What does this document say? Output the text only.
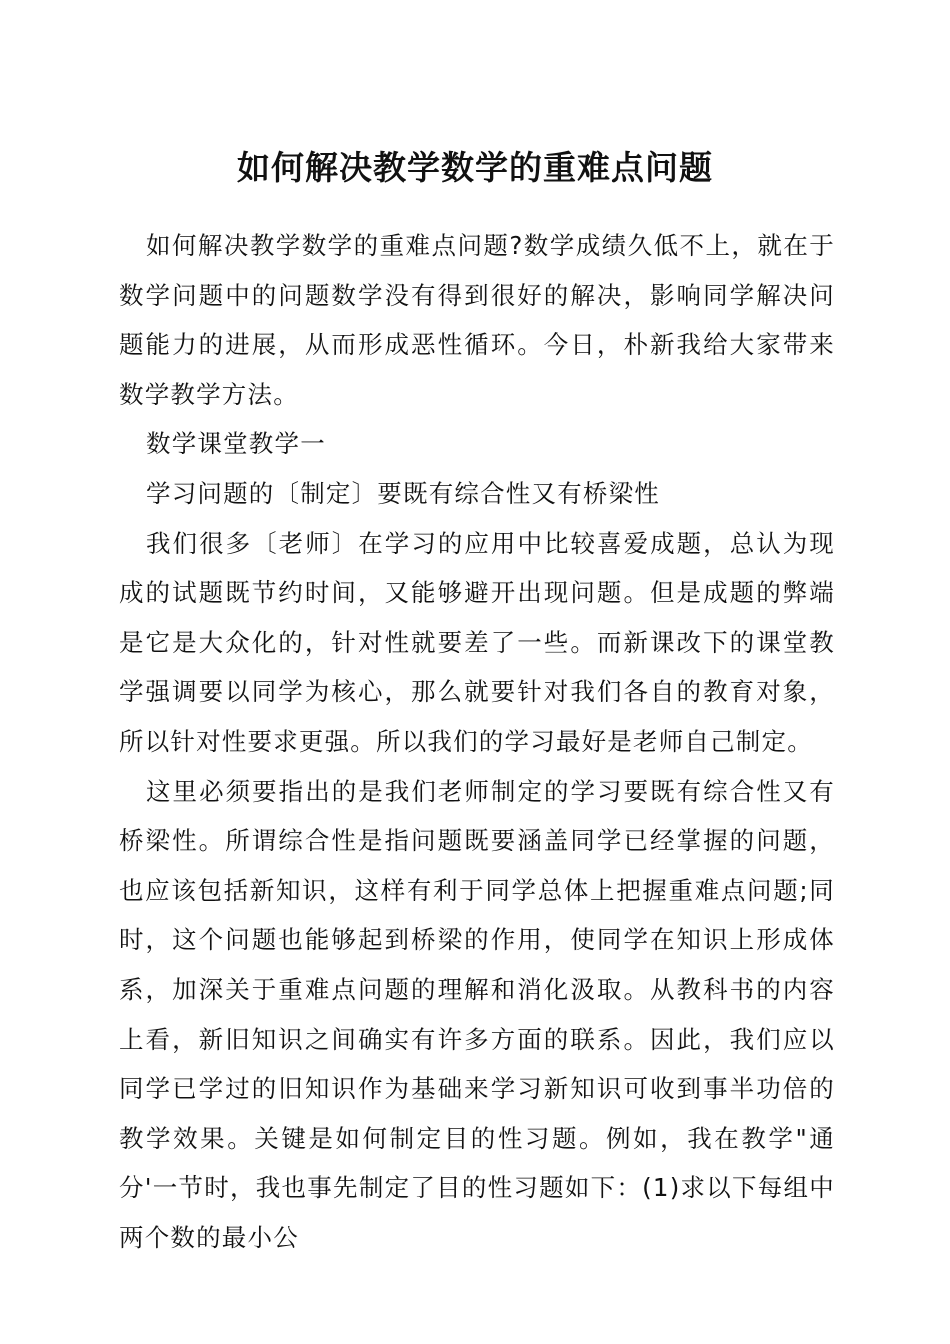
如何解决教学数学的重难点问题

如何解决教学数学的重难点问题?数学成绩久低不上，就在于数学问题中的问题数学没有得到很好的解决，影响同学解决问题能力的进展，从而形成恶性循环。今日，朴新我给大家带来数学教学方法。

数学课堂教学一

学习问题的〔制定〕要既有综合性又有桥梁性

我们很多〔老师〕在学习的应用中比较喜爱成题，总认为现成的试题既节约时间，又能够避开出现问题。但是成题的弊端是它是大众化的，针对性就要差了一些。而新课改下的课堂教学强调要以同学为核心，那么就要针对我们各自的教育对象，所以针对性要求更强。所以我们的学习最好是老师自己制定。

这里必须要指出的是我们老师制定的学习要既有综合性又有桥梁性。所谓综合性是指问题既要涵盖同学已经掌握的问题，也应该包括新知识，这样有利于同学总体上把握重难点问题;同时，这个问题也能够起到桥梁的作用，使同学在知识上形成体系，加深关于重难点问题的理解和消化汲取。从教科书的内容上看，新旧知识之间确实有许多方面的联系。因此，我们应以同学已学过的旧知识作为基础来学习新知识可收到事半功倍的教学效果。关键是如何制定目的性习题。例如，我在教学"通分'一节时，我也事先制定了目的性习题如下：(1)求以下每组中两个数的最小公
